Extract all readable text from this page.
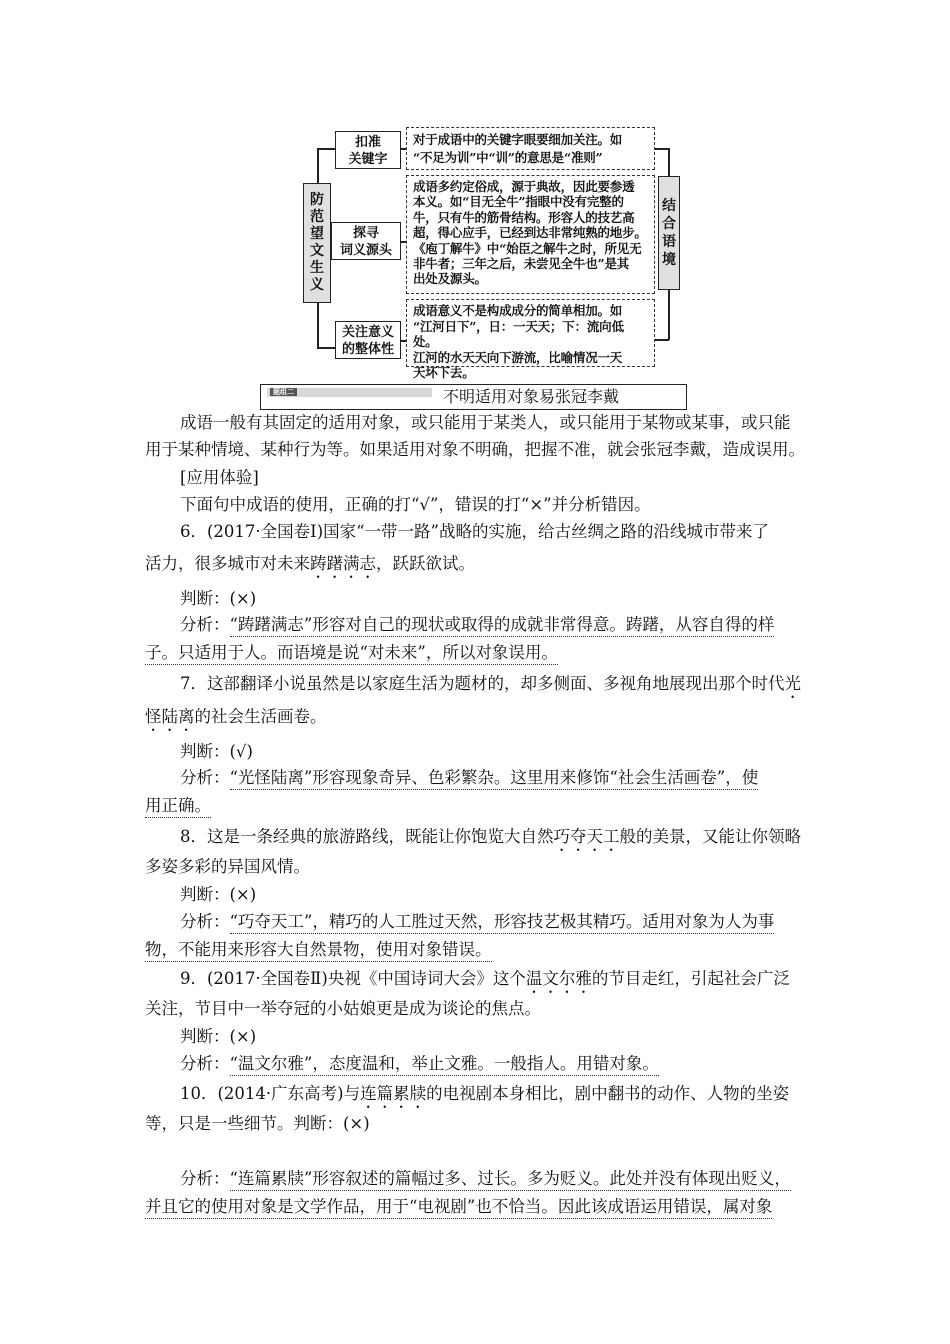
防范望文生义
扣准
关键字
探寻
词义源头
关注意义
的整体性
对于成语中的关键字眼要细加关注。如
“不足为训”中“训”的意思是“准则”
成语多约定俗成，源于典故，因此要参透
本义。如“目无全牛”指眼中没有完整的
牛，只有牛的筋骨结构。形容人的技艺高
超，得心应手，已经到达非常纯熟的地步。
《庖丁解牛》中“始臣之解牛之时，所见无
非牛者；三年之后，未尝见全牛也”是其
出处及源头。
成语意义不是构成成分的简单相加。如
“江河日下”，日：一天天；下：流向低处。
江河的水天天向下游流，比喻情况一天
天坏下去。
结合语境
题组二	不明适用对象易张冠李戴
成语一般有其固定的适用对象，或只能用于某类人，或只能用于某物或某事，或只能
用于某种情境、某种行为等。如果适用对象不明确，把握不准，就会张冠李戴，造成误用。
[应用体验]
下面句中成语的使用，正确的打“√”，错误的打“×”并分析错因。
6．(2017·全国卷Ⅰ)国家“一带一路”战略的实施，给古丝绸之路的沿线城市带来了
活力，很多城市对未来踌躇满志，跃跃欲试。
判断：(×)
分析：“踌躇满志”形容对自己的现状或取得的成就非常得意。踌躇，从容自得的样
子。只适用于人。而语境是说“对未来”，所以对象误用。
7．这部翻译小说虽然是以家庭生活为题材的，却多侧面、多视角地展现出那个时代光
怪陆离的社会生活画卷。
判断：(√)
分析：“光怪陆离”形容现象奇异、色彩繁杂。这里用来修饰“社会生活画卷”，使
用正确。
8．这是一条经典的旅游路线，既能让你饱览大自然巧夺天工般的美景，又能让你领略
多姿多彩的异国风情。
判断：(×)
分析：“巧夺天工”，精巧的人工胜过天然，形容技艺极其精巧。适用对象为人为事
物，不能用来形容大自然景物，使用对象错误。
9．(2017·全国卷Ⅱ)央视《中国诗词大会》这个温文尔雅的节目走红，引起社会广泛
关注，节目中一举夺冠的小姑娘更是成为谈论的焦点。
判断：(×)
分析：“温文尔雅”，态度温和，举止文雅。一般指人。用错对象。
10．(2014·广东高考)与连篇累牍的电视剧本身相比，剧中翻书的动作、人物的坐姿
等，只是一些细节。判断：(×)
分析：“连篇累牍”形容叙述的篇幅过多、过长。多为贬义。此处并没有体现出贬义，
并且它的使用对象是文学作品，用于“电视剧”也不恰当。因此该成语运用错误，属对象
